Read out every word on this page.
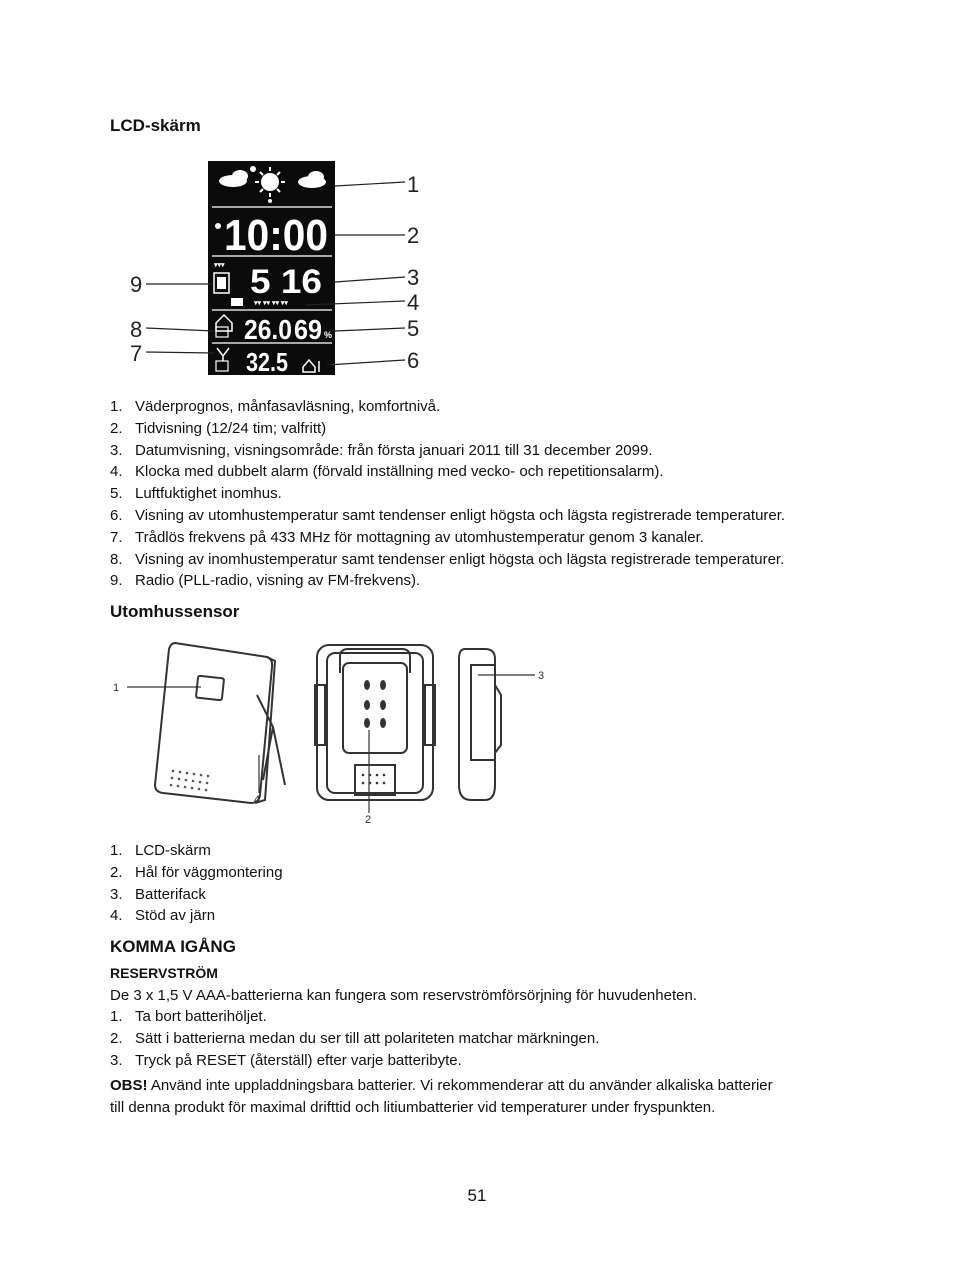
LCD-skärm
10:00
▾▾▾ 5 16
▾▾ ▾▾ ▾▾ ▾▾
26.0 69 %
32.5
1
2
3
4
5
6
7
8
9
1. Väderprognos, månfasavläsning, komfortnivå.
2. Tidvisning (12/24 tim; valfritt)
3. Datumvisning, visningsområde: från första januari 2011 till 31 december 2099.
4. Klocka med dubbelt alarm (förvald inställning med vecko- och repetitionsalarm).
5. Luftfuktighet inomhus.
6. Visning av utomhustemperatur samt tendenser enligt högsta och lägsta registrerade temperaturer.
7. Trådlös frekvens på 433 MHz för mottagning av utomhustemperatur genom 3 kanaler.
8. Visning av inomhustemperatur samt tendenser enligt högsta och lägsta registrerade temperaturer.
9. Radio (PLL-radio, visning av FM-frekvens).
Utomhussensor
1
2
3
4
1. LCD-skärm
2. Hål för väggmontering
3. Batterifack
4. Stöd av järn
KOMMA IGÅNG
RESERVSTRÖM
De 3 x 1,5 V AAA-batterierna kan fungera som reservströmförsörjning för huvudenheten.
1. Ta bort batterihöljet.
2. Sätt i batterierna medan du ser till att polariteten matchar märkningen.
3. Tryck på RESET (återställ) efter varje batteribyte.
OBS! Använd inte uppladdningsbara batterier. Vi rekommenderar att du använder alkaliska batterier
till denna produkt för maximal drifttid och litiumbatterier vid temperaturer under fryspunkten.
51
